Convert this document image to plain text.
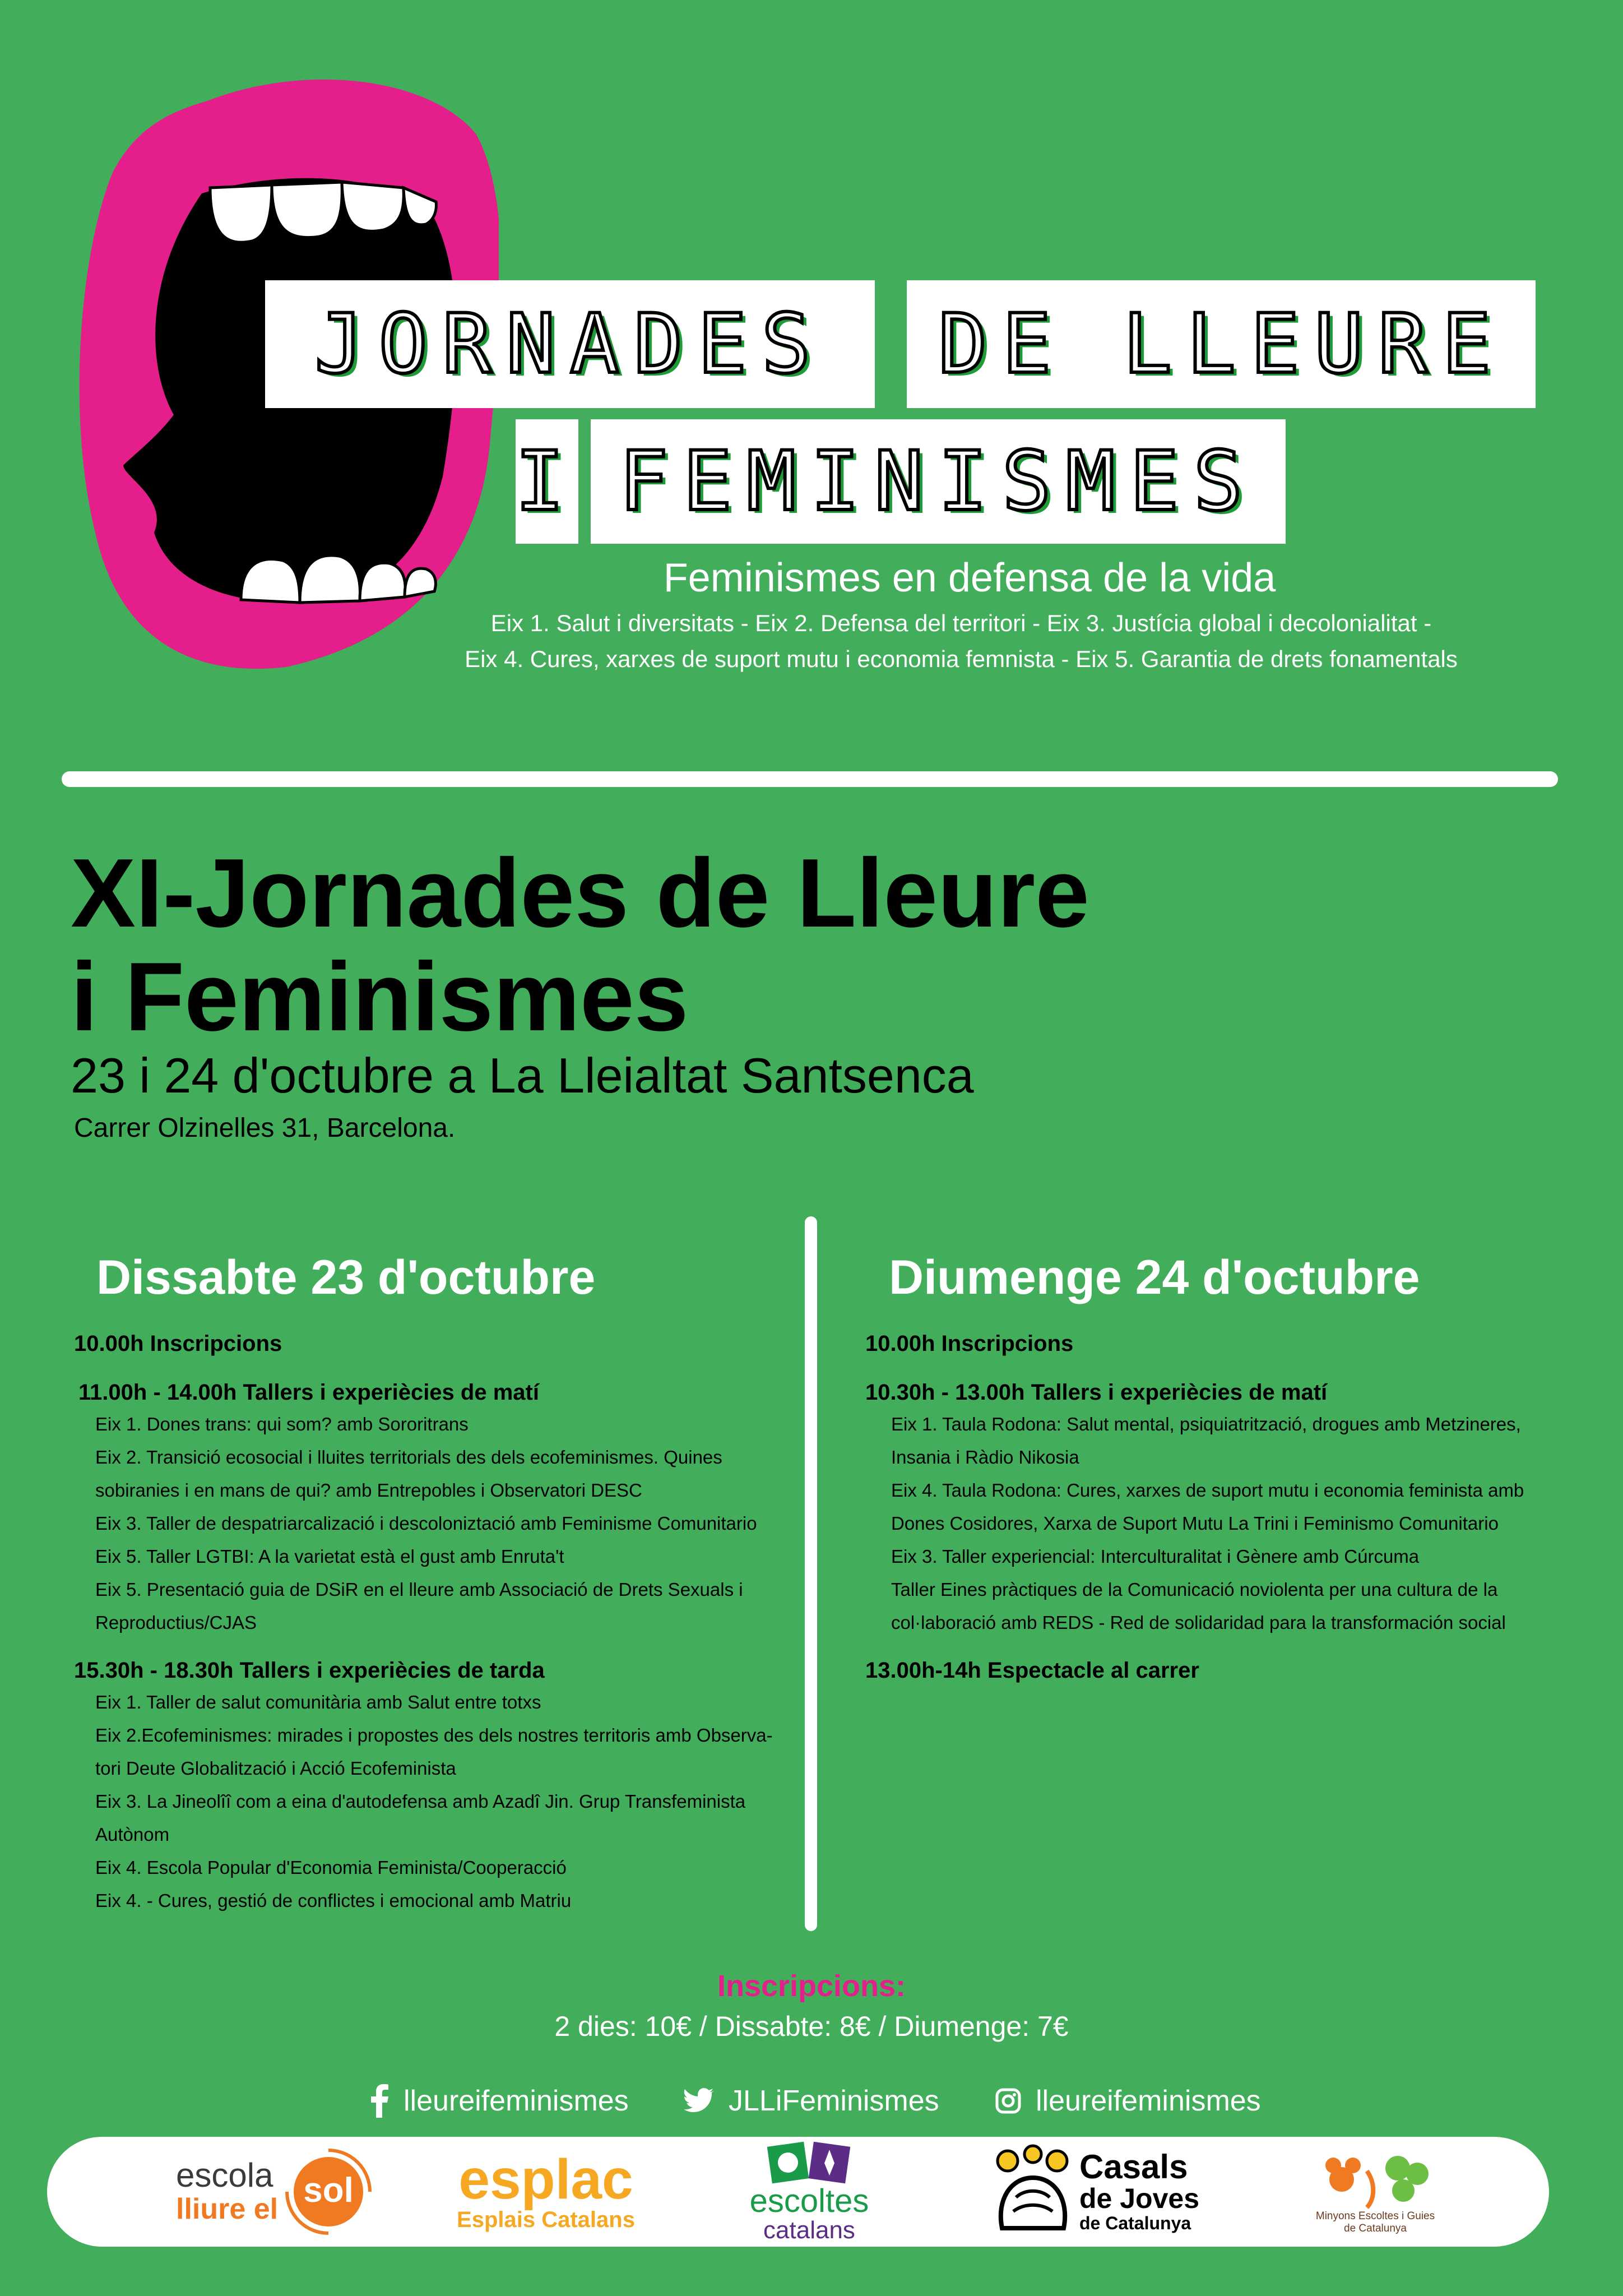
JORNADES	DE LLEURE
I FEMINISMES
Feminismes en defensa de la vida
Eix 1. Salut i diversitats - Eix 2. Defensa del territori - Eix 3. Justícia global i decolonialitat -
Eix 4. Cures, xarxes de suport mutu i economia femnista - Eix 5. Garantia de drets fonamentals
XI-Jornades de Lleure
i Feminismes
23 i 24 d'octubre a La Lleialtat Santsenca
Carrer Olzinelles 31, Barcelona.
Dissabte 23 d'octubre

10.00h Inscripcions

11.00h - 14.00h Tallers i experiècies de matí

Eix 1. Dones trans: qui som? amb Sororitrans

Eix 2. Transició ecosocial i lluites territorials des dels ecofeminismes. Quines

sobiranies i en mans de qui? amb Entrepobles i Observatori DESC

Eix 3. Taller de despatriarcalizació i descoloniztació amb Feminisme Comunitario

Eix 5. Taller LGTBI: A la varietat està el gust amb Enruta't

Eix 5. Presentació guia de DSiR en el lleure amb Associació de Drets Sexuals i

Reproductius/CJAS

15.30h - 18.30h Tallers i experiècies de tarda

Eix 1. Taller de salut comunitària amb Salut entre totxs

Eix 2.Ecofeminismes: mirades i propostes des dels nostres territoris amb Observa-

tori Deute Globalització i Acció Ecofeminista

Eix 3. La Jineolîî com a eina d'autodefensa amb Azadî Jin. Grup Transfeminista

Autònom

Eix 4. Escola Popular d'Economia Feminista/Cooperacció

Eix 4. - Cures, gestió de conflictes i emocional amb Matriu

Diumenge 24 d'octubre

10.00h Inscripcions

10.30h - 13.00h Tallers i experiècies de matí

Eix 1. Taula Rodona: Salut mental, psiquiatrització, drogues amb Metzineres,

Insania i Ràdio Nikosia

Eix 4. Taula Rodona: Cures, xarxes de suport mutu i economia feminista amb

Dones Cosidores, Xarxa de Suport Mutu La Trini i Feminismo Comunitario

Eix 3. Taller experiencial: Interculturalitat i Gènere amb Cúrcuma

Taller Eines pràctiques de la Comunicació noviolenta per una cultura de la

col·laboració amb REDS - Red de solidaridad para la transformación social

13.00h-14h Espectacle al carrer

Inscripcions:
2 dies: 10€ / Dissabte: 8€ / Diumenge: 7€
lleureifeminismes	JLLiFeminismes	lleureifeminismes
escola
lliure el sol	esplac
Esplais Catalans
escoltes
catalans
Casals
de Joves
de Catalunya	Minyons Escoltes i Guies
de Catalunya
